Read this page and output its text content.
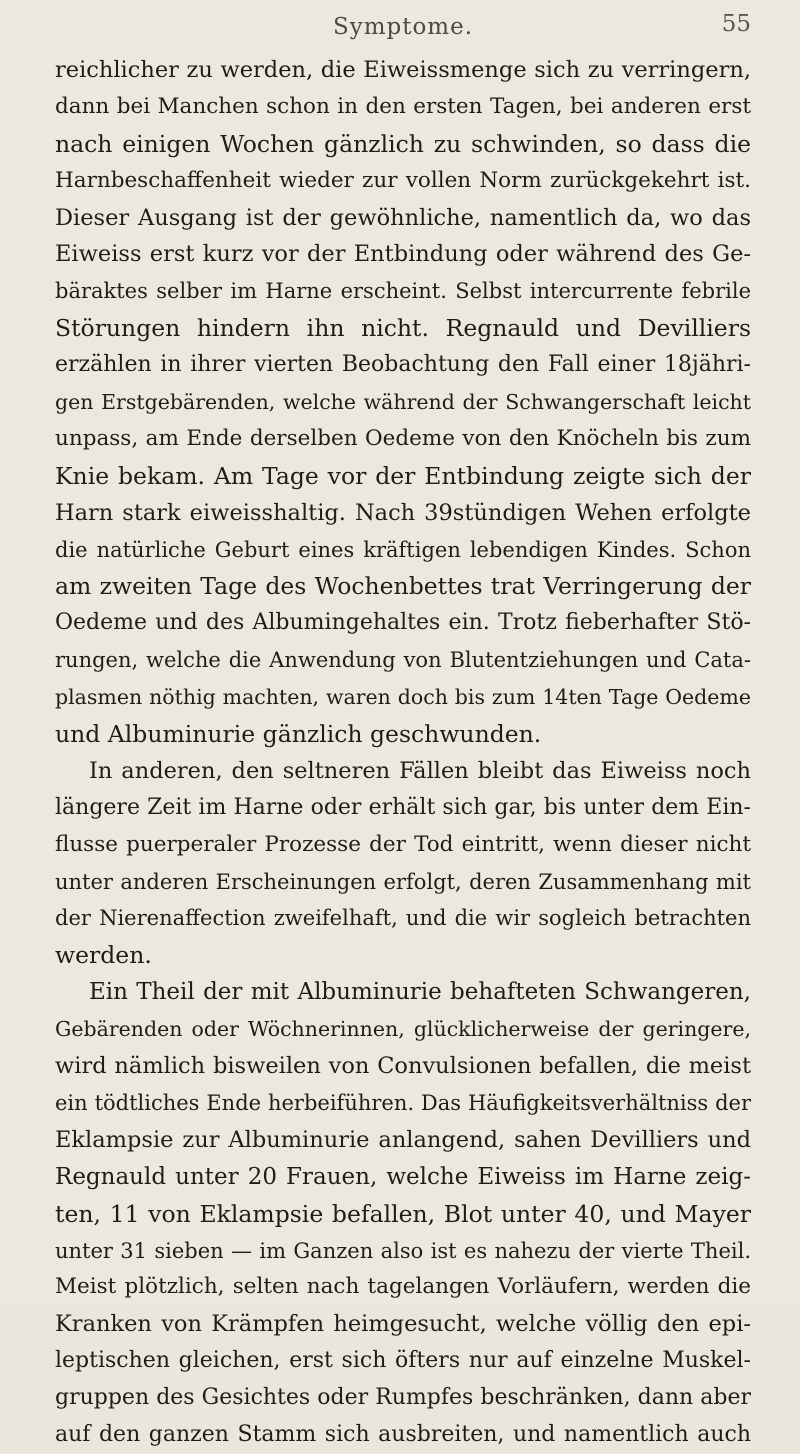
Symptome.	55
reichlicher zu werden, die Eiweissmenge sich zu verringern,
dann bei Manchen schon in den ersten Tagen, bei anderen erst
nach einigen Wochen gänzlich zu schwinden, so dass die
Harnbeschaffenheit wieder zur vollen Norm zurückgekehrt ist.
Dieser Ausgang ist der gewöhnliche, namentlich da, wo das
Eiweiss erst kurz vor der Entbindung oder während des Ge-
bäraktes selber im Harne erscheint. Selbst intercurrente febrile
Störungen hindern ihn nicht. Regnauld und Devilliers
erzählen in ihrer vierten Beobachtung den Fall einer 18jähri-
gen Erstgebärenden, welche während der Schwangerschaft leicht
unpass, am Ende derselben Oedeme von den Knöcheln bis zum
Knie bekam. Am Tage vor der Entbindung zeigte sich der
Harn stark eiweisshaltig. Nach 39stündigen Wehen erfolgte
die natürliche Geburt eines kräftigen lebendigen Kindes. Schon
am zweiten Tage des Wochenbettes trat Verringerung der
Oedeme und des Albumingehaltes ein. Trotz fieberhafter Stö-
rungen, welche die Anwendung von Blutentziehungen und Cata-
plasmen nöthig machten, waren doch bis zum 14ten Tage Oedeme
und Albuminurie gänzlich geschwunden.
In anderen, den seltneren Fällen bleibt das Eiweiss noch
längere Zeit im Harne oder erhält sich gar, bis unter dem Ein-
flusse puerperaler Prozesse der Tod eintritt, wenn dieser nicht
unter anderen Erscheinungen erfolgt, deren Zusammenhang mit
der Nierenaffection zweifelhaft, und die wir sogleich betrachten
werden.
Ein Theil der mit Albuminurie behafteten Schwangeren,
Gebärenden oder Wöchnerinnen, glücklicherweise der geringere,
wird nämlich bisweilen von Convulsionen befallen, die meist
ein tödtliches Ende herbeiführen. Das Häufigkeitsverhältniss der
Eklampsie zur Albuminurie anlangend, sahen Devilliers und
Regnauld unter 20 Frauen, welche Eiweiss im Harne zeig-
ten, 11 von Eklampsie befallen, Blot unter 40, und Mayer
unter 31 sieben — im Ganzen also ist es nahezu der vierte Theil.
Meist plötzlich, selten nach tagelangen Vorläufern, werden die
Kranken von Krämpfen heimgesucht, welche völlig den epi-
leptischen gleichen, erst sich öfters nur auf einzelne Muskel-
gruppen des Gesichtes oder Rumpfes beschränken, dann aber
auf den ganzen Stamm sich ausbreiten, und namentlich auch
